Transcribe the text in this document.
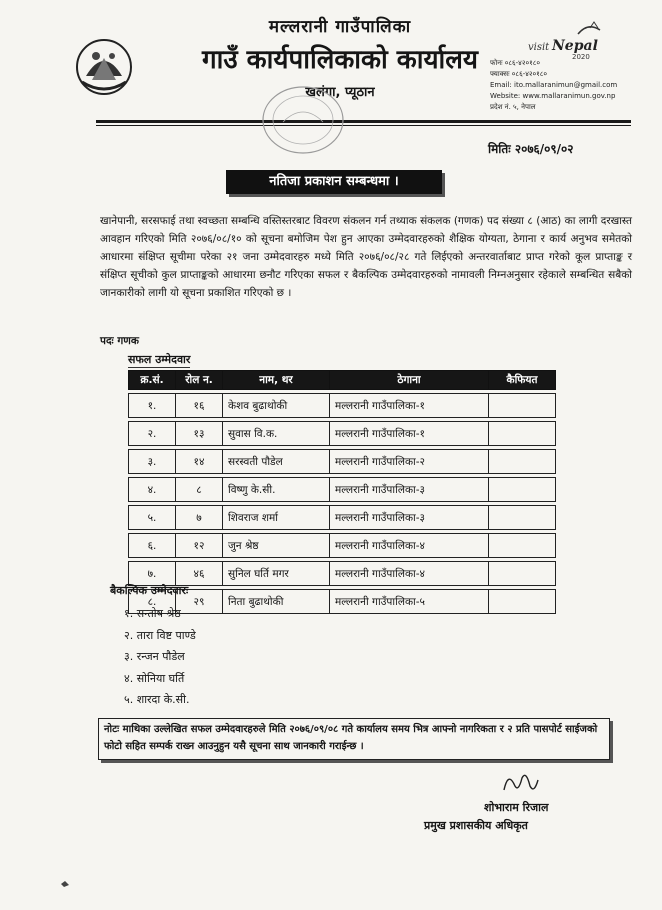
मल्लरानी गाउँपालिका
गाउँ कार्यपालिकाको कार्यालय
खलंगा, प्यूठान
visit Nepal
2020
फोनः ०८६-४२०१८०
फ्याक्सः ०८६-४२०१८०
Email: ito.mallaranimun@gmail.com
Website: www.mallaranimun.gov.np
प्रदेश नं. ५, नेपाल
मितिः २०७६/०९/०२
नतिजा प्रकाशन सम्बन्धमा ।
खानेपानी, सरसफाई तथा स्वच्छता सम्बन्धि वस्तिस्तरबाट विवरण संकलन गर्न तथ्याक संकलक (गणक) पद संख्या ८ (आठ) का लागी दरखास्त आवहान गरिएको मिति २०७६/०८/१० को सूचना बमोजिम पेश हुन आएका उम्मेदवारहरुको शैक्षिक योग्यता, ठेगाना र कार्य अनुभव समेतको आधारमा संक्षिप्त सूचीमा परेका २१ जना उम्मेदवारहरु मध्ये मिति २०७६/०८/२८ गते लिईएको अन्तरवार्ताबाट प्राप्त गरेको कूल प्राप्ताङ्क र संक्षिप्त सूचीको कुल प्राप्ताङ्कको आधारमा छनौट गरिएका सफल र बैकल्पिक उम्मेदवारहरुको नामावली निम्नअनुसार रहेकाले सम्बन्धित सबैको जानकारीको लागी यो सूचना प्रकाशित गरिएको छ ।
पदः गणक
सफल उम्मेदवार
क्र.सं.	रोल न.	नाम, थर	ठेगाना	कैफियत

१.	१६	केशव बुढाथोकी	मल्लरानी गाउँपालिका-१	

२.	१३	सुवास वि.क.	मल्लरानी गाउँपालिका-१	

३.	१४	सरस्वती पौडेल	मल्लरानी गाउँपालिका-२	

४.	८	विष्णु के.सी.	मल्लरानी गाउँपालिका-३	

५.	७	शिवराज शर्मा	मल्लरानी गाउँपालिका-३	

६.	१२	जुन श्रेष्ठ	मल्लरानी गाउँपालिका-४	

७.	४६	सुनिल घर्ति मगर	मल्लरानी गाउँपालिका-४	

८.	२९	निता बुढाथोकी	मल्लरानी गाउँपालिका-५	
बैकल्पिक उम्मेदवारः
१. सन्तोष श्रेष्ठ
२. तारा विष्ट पाण्डे
३. रन्जन पौडेल
४. सोनिया घर्ति
५. शारदा के.सी.
नोटः माथिका उल्लेखित सफल उम्मेदवारहरुले मिति २०७६/०९/०८ गते कार्यालय समय भित्र आफ्नो नागरिकता र २ प्रति पासपोर्ट साईजको फोटो सहित सम्पर्क राख्न आउनुहुन यसै सूचना साथ जानकारी गराईन्छ ।
शोभाराम रिजाल
प्रमुख प्रशासकीय अधिकृत
